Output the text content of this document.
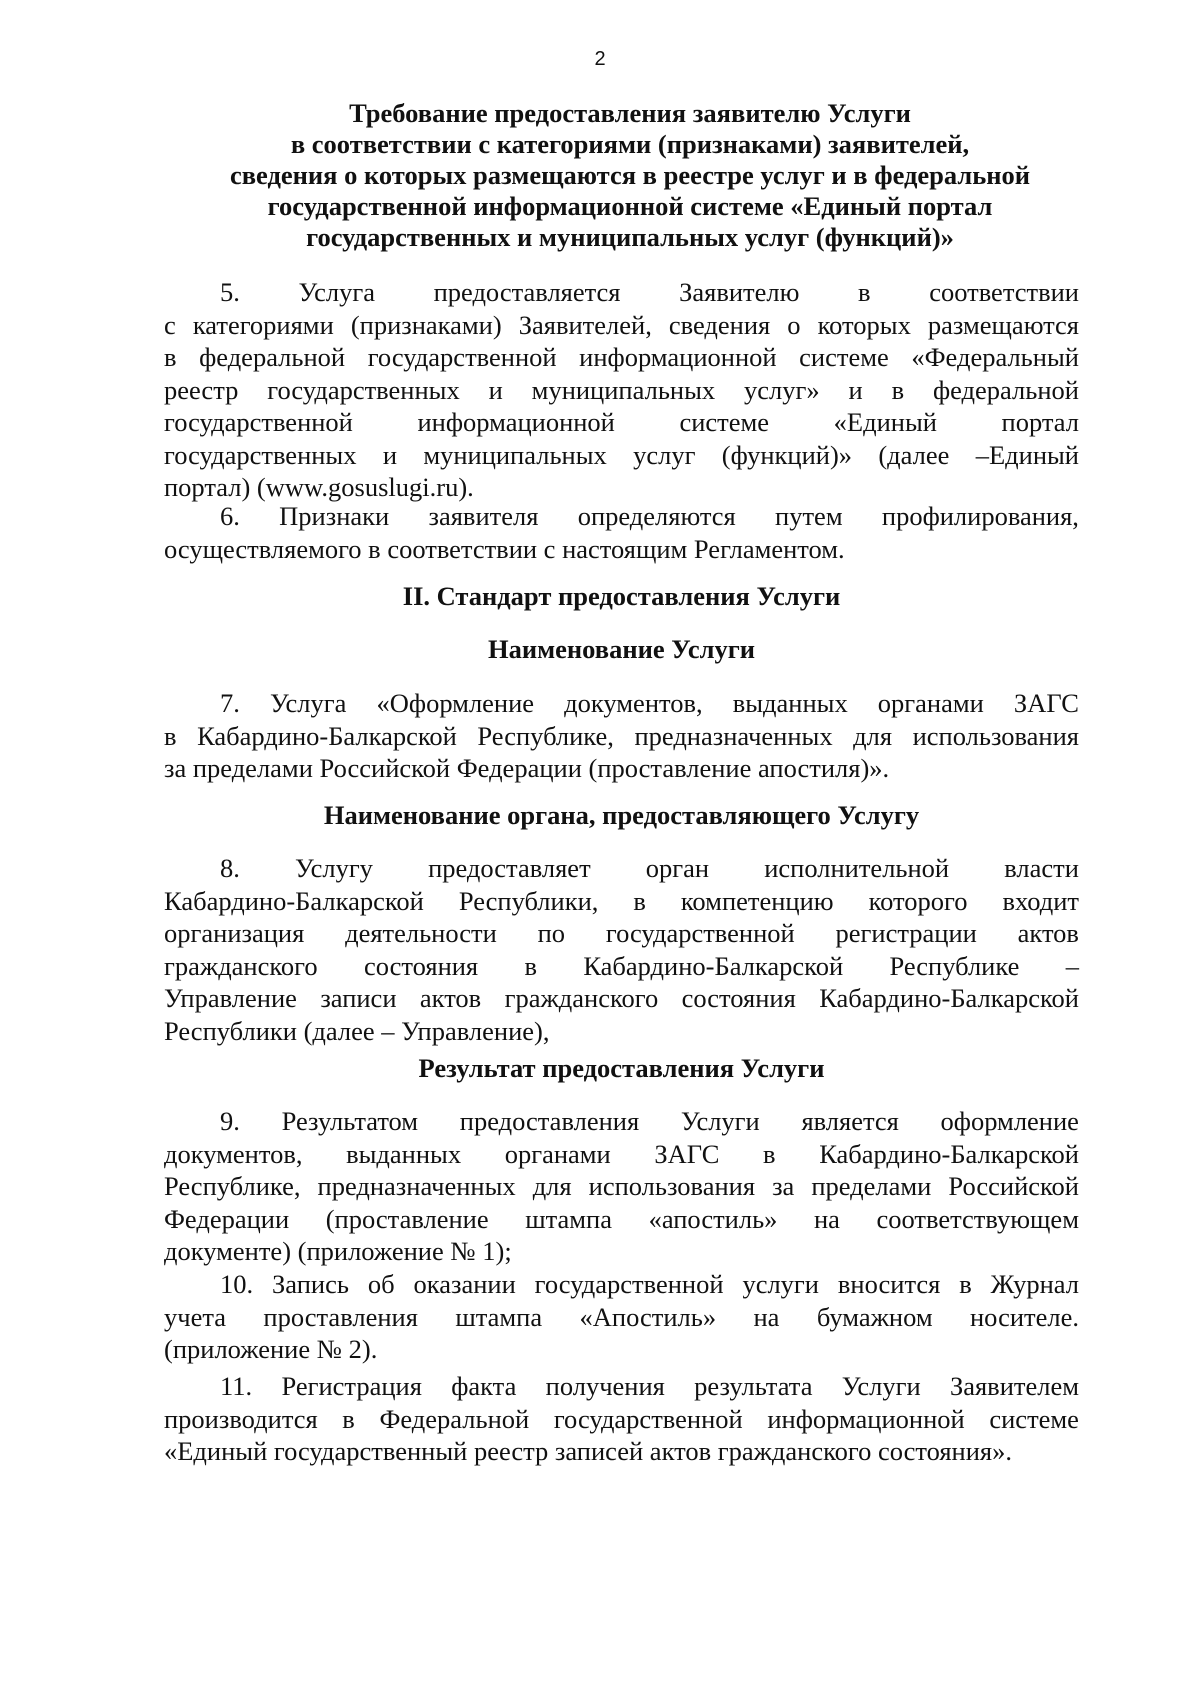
2
Требование предоставления заявителю Услуги
в соответствии с категориями (признаками) заявителей,
сведения о которых размещаются в реестре услуг и в федеральной
государственной информационной системе «Единый портал
государственных и муниципальных услуг (функций)»
5. Услуга предоставляется Заявителю в соответствии
с категориями (признаками) Заявителей, сведения о которых размещаются
в федеральной государственной информационной системе «Федеральный
реестр государственных и муниципальных услуг» и в федеральной
государственной информационной системе «Единый портал
государственных и муниципальных услуг (функций)» (далее –Единый
портал) (www.gosuslugi.ru).
6. Признаки заявителя определяются путем профилирования,
осуществляемого в соответствии с настоящим Регламентом.
II. Стандарт предоставления Услуги
Наименование Услуги
7. Услуга «Оформление документов, выданных органами ЗАГС
в Кабардино-Балкарской Республике, предназначенных для использования
за пределами Российской Федерации (проставление апостиля)».
Наименование органа, предоставляющего Услугу
8. Услугу предоставляет орган исполнительной власти
Кабардино-Балкарской Республики, в компетенцию которого входит
организация деятельности по государственной регистрации актов
гражданского состояния в Кабардино-Балкарской Республике –
Управление записи актов гражданского состояния Кабардино-Балкарской
Республики (далее – Управление),
Результат предоставления Услуги
9. Результатом предоставления Услуги является оформление
документов, выданных органами ЗАГС в Кабардино-Балкарской
Республике, предназначенных для использования за пределами Российской
Федерации (проставление штампа «апостиль» на соответствующем
документе) (приложение № 1);
10. Запись об оказании государственной услуги вносится в Журнал
учета проставления штампа «Апостиль» на бумажном носителе.
(приложение № 2).
11. Регистрация факта получения результата Услуги Заявителем
производится в Федеральной государственной информационной системе
«Единый государственный реестр записей актов гражданского состояния».
